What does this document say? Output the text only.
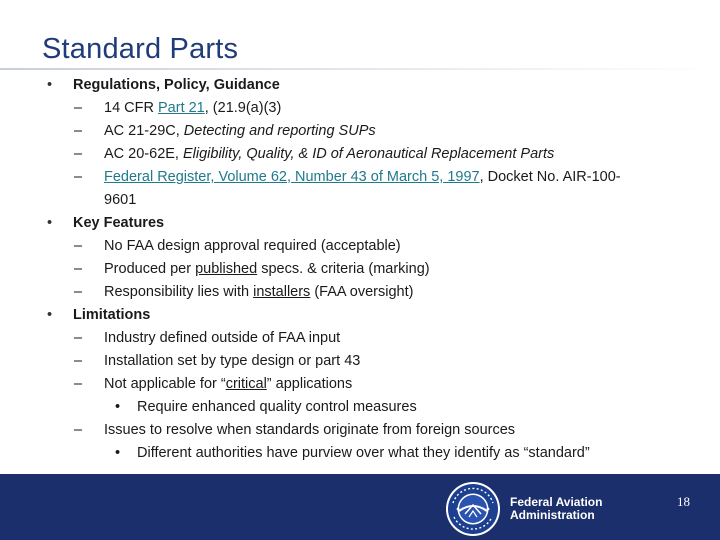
Standard Parts
• Regulations, Policy, Guidance
– 14 CFR Part 21, (21.9(a)(3)
– AC 21-29C, Detecting and reporting SUPs
– AC 20-62E, Eligibility, Quality, & ID of Aeronautical Replacement Parts
– Federal Register, Volume 62, Number 43 of March 5, 1997, Docket No. AIR-100-9601
• Key Features
– No FAA design approval required (acceptable)
– Produced per published specs. & criteria (marking)
– Responsibility lies with installers (FAA oversight)
• Limitations
– Industry defined outside of FAA input
– Installation set by type design or part 43
– Not applicable for “critical” applications
• Require enhanced quality control measures
– Issues to resolve when standards originate from foreign sources
• Different authorities have purview over what they identify as “standard”
Federal Aviation
Administration
18
